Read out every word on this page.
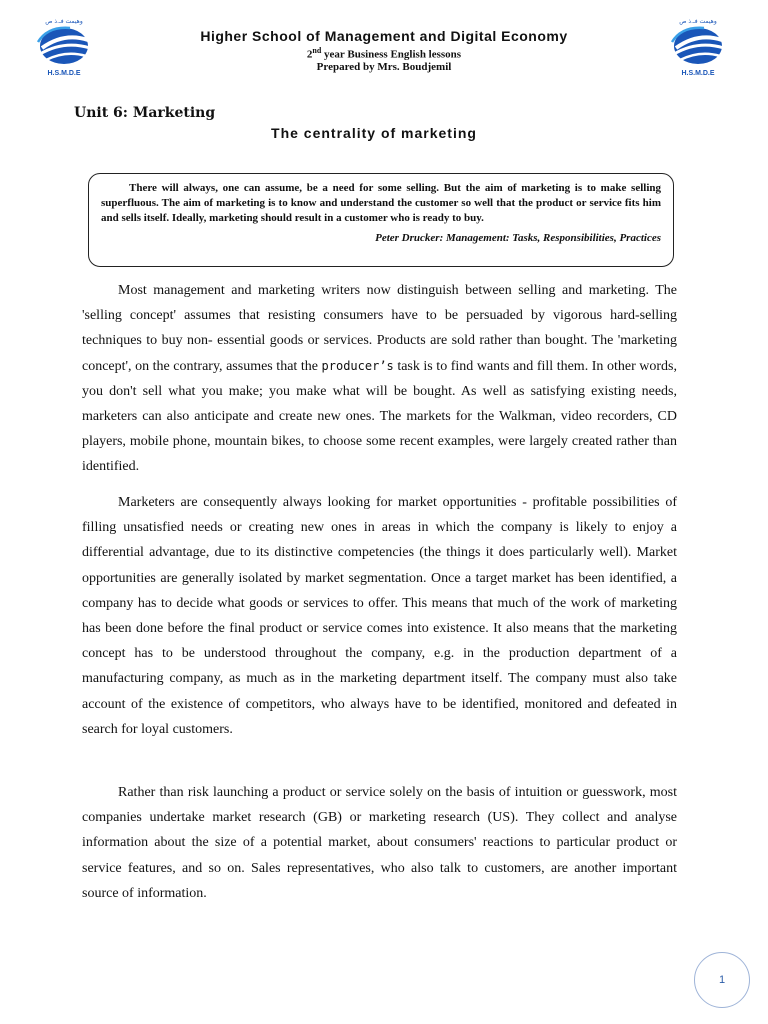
وهيمت فـ.ذ ص
H.S.M.D.E
وهيمت فـ.ذ ص
H.S.M.D.E
Higher School of Management and Digital Economy
2nd year Business English lessons
Prepared by Mrs. Boudjemil
Unit 6: Marketing
The centrality of marketing
There will always, one can assume, be a need for some selling. But the aim of marketing is to make selling superfluous. The aim of marketing is to know and understand the customer so well that the product or service fits him and sells itself. Ideally, marketing should result in a customer who is ready to buy.
Peter Drucker: Management: Tasks, Responsibilities, Practices

Most management and marketing writers now distinguish between selling and marketing. The 'selling concept' assumes that resisting consumers have to be persuaded by vigorous hard-selling techniques to buy non- essential goods or services. Products are sold rather than bought. The 'marketing concept', on the contrary, assumes that the producer’s task is to find wants and fill them. In other words, you don't sell what you make; you make what will be bought. As well as satisfying existing needs, marketers can also anticipate and create new ones. The markets for the Walkman, video recorders, CD players, mobile phone, mountain bikes, to choose some recent examples, were largely created rather than identified.

Marketers are consequently always looking for market opportunities - profitable possibilities of filling unsatisfied needs or creating new ones in areas in which the company is likely to enjoy a differential advantage, due to its distinctive competencies (the things it does particularly well). Market opportunities are generally isolated by market segmentation. Once a target market has been identified, a company has to decide what goods or services to offer. This means that much of the work of marketing has been done before the final product or service comes into existence. It also means that the marketing concept has to be understood throughout the company, e.g. in the production department of a manufacturing company, as much as in the marketing department itself. The company must also take account of the existence of competitors, who always have to be identified, monitored and defeated in search for loyal customers.

Rather than risk launching a product or service solely on the basis of intuition or guesswork, most companies undertake market research (GB) or marketing research (US). They collect and analyse information about the size of a potential market, about consumers' reactions to particular product or service features, and so on. Sales representatives, who also talk to customers, are another important source of information.

1
